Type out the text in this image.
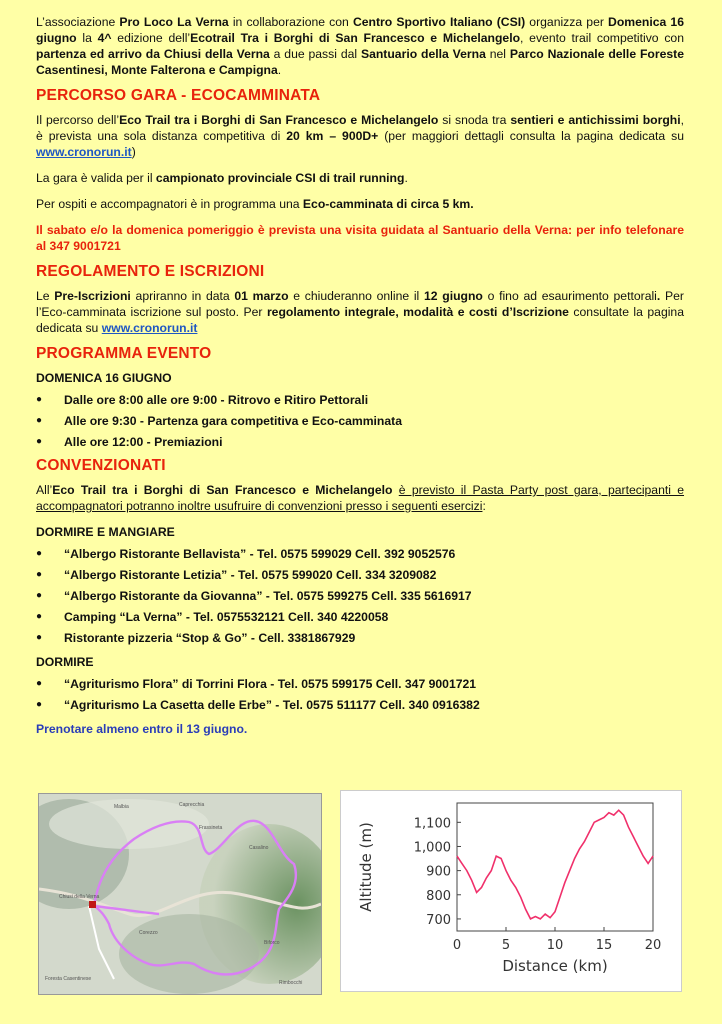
L’associazione Pro Loco La Verna in collaborazione con Centro Sportivo Italiano (CSI) organizza per Domenica 16 giugno la 4^ edizione dell’Ecotrail Tra i Borghi di San Francesco e Michelangelo, evento trail competitivo con partenza ed arrivo da Chiusi della Verna a due passi dal Santuario della Verna nel Parco Nazionale delle Foreste Casentinesi, Monte Falterona e Campigna.

PERCORSO GARA - ECOCAMMINATA

Il percorso dell’Eco Trail tra i Borghi di San Francesco e Michelangelo si snoda tra sentieri e antichissimi borghi, è prevista una sola distanza competitiva di 20 km – 900D+ (per maggiori dettagli consulta la pagina dedicata su www.cronorun.it)

La gara è valida per il campionato provinciale CSI di trail running.

Per ospiti e accompagnatori è in programma una Eco-camminata di circa 5 km.

Il sabato e/o la domenica pomeriggio è prevista una visita guidata al Santuario della Verna: per info telefonare al 347 9001721

REGOLAMENTO E ISCRIZIONI

Le Pre-Iscrizioni apriranno in data 01 marzo e chiuderanno online il 12 giugno o fino ad esaurimento pettorali. Per l’Eco-camminata iscrizione sul posto. Per regolamento integrale, modalità e costi d’Iscrizione consultate la pagina dedicata su www.cronorun.it

PROGRAMMA EVENTO
DOMENICA 16 GIUGNO
● Dalle ore 8:00 alle ore 9:00 - Ritrovo e Ritiro Pettorali
● Alle ore 9:30 - Partenza gara competitiva e Eco-camminata
● Alle ore 12:00 - Premiazioni
CONVENZIONATI

All’Eco Trail tra i Borghi di San Francesco e Michelangelo è previsto il Pasta Party post gara, partecipanti e accompagnatori potranno inoltre usufruire di convenzioni presso i seguenti esercizi:

DORMIRE E MANGIARE
● “Albergo Ristorante Bellavista” - Tel. 0575 599029 Cell. 392 9052576
● “Albergo Ristorante Letizia” - Tel. 0575 599020 Cell. 334 3209082
● “Albergo Ristorante da Giovanna” - Tel. 0575 599275 Cell. 335 5616917
● Camping “La Verna” - Tel. 0575532121 Cell. 340 4220058
● Ristorante pizzeria “Stop & Go” - Cell. 3381867929
DORMIRE
● “Agriturismo Flora” di Torrini Flora - Tel. 0575 599175 Cell. 347 9001721
● “Agriturismo La Casetta delle Erbe” - Tel. 0575 511177 Cell. 340 0916382

Prenotare almeno entro il 13 giugno.

Malbia	Caprecchia
Frassineta
Casalino
Chiusi della Verna
Corezzo
Biforco
Rimbocchi
Foresta Casentinese
700
800
900
1,000
1,100
0	5	10 15 20
Altitude (m)
Distance (km)
